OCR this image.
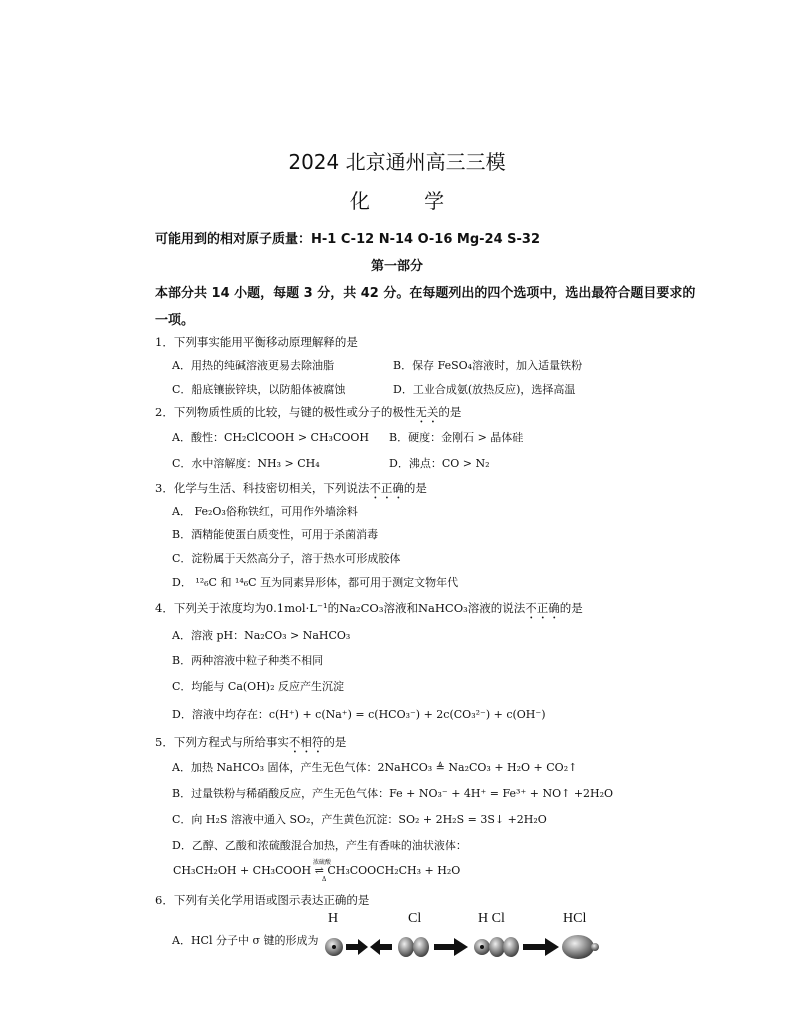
2024 北京通州高三三模
化 学
可能用到的相对原子质量：H-1 C-12 N-14 O-16 Mg-24 S-32
第一部分
本部分共 14 小题，每题 3 分，共 42 分。在每题列出的四个选项中，选出最符合题目要求的
一项。
1．下列事实能用平衡移动原理解释的是
A．用热的纯碱溶液更易去除油脂	B．保存 FeSO₄溶液时，加入适量铁粉
C．船底镶嵌锌块，以防船体被腐蚀	D．工业合成氨(放热反应)，选择高温
2．下列物质性质的比较，与键的极性或分子的极性无关的是
A．酸性：CH₂ClCOOH > CH₃COOH B．硬度：金刚石 > 晶体硅
C．水中溶解度：NH₃ > CH₄	D．沸点：CO > N₂
3．化学与生活、科技密切相关，下列说法不正确的是
A． Fe₂O₃俗称铁红，可用作外墙涂料
B．酒精能使蛋白质变性，可用于杀菌消毒
C．淀粉属于天然高分子，溶于热水可形成胶体
D． ¹²₆C 和 ¹⁴₆C 互为同素异形体，都可用于测定文物年代
4．下列关于浓度均为0.1mol·L⁻¹的Na₂CO₃溶液和NaHCO₃溶液的说法不正确的是
A．溶液 pH：Na₂CO₃ > NaHCO₃
B．两种溶液中粒子种类不相同
C．均能与 Ca(OH)₂ 反应产生沉淀
D．溶液中均存在：c(H⁺) + c(Na⁺) = c(HCO₃⁻) + 2c(CO₃²⁻) + c(OH⁻)
5．下列方程式与所给事实不相符的是
A．加热 NaHCO₃ 固体，产生无色气体：2NaHCO₃ ≜ Na₂CO₃ + H₂O + CO₂↑
B．过量铁粉与稀硝酸反应，产生无色气体：Fe + NO₃⁻ + 4H⁺ = Fe³⁺ + NO↑ +2H₂O
C．向 H₂S 溶液中通入 SO₂，产生黄色沉淀：SO₂ + 2H₂S = 3S↓ +2H₂O
D．乙醇、乙酸和浓硫酸混合加热，产生有香味的油状液体：
CH₃CH₂OH + CH₃COOH ⇌ CH₃COOCH₂CH₃ + H₂O
浓硫酸
Δ
6．下列有关化学用语或图示表达正确的是
A．HCl 分子中 σ 键的形成为
H	Cl	H Cl	HCl
